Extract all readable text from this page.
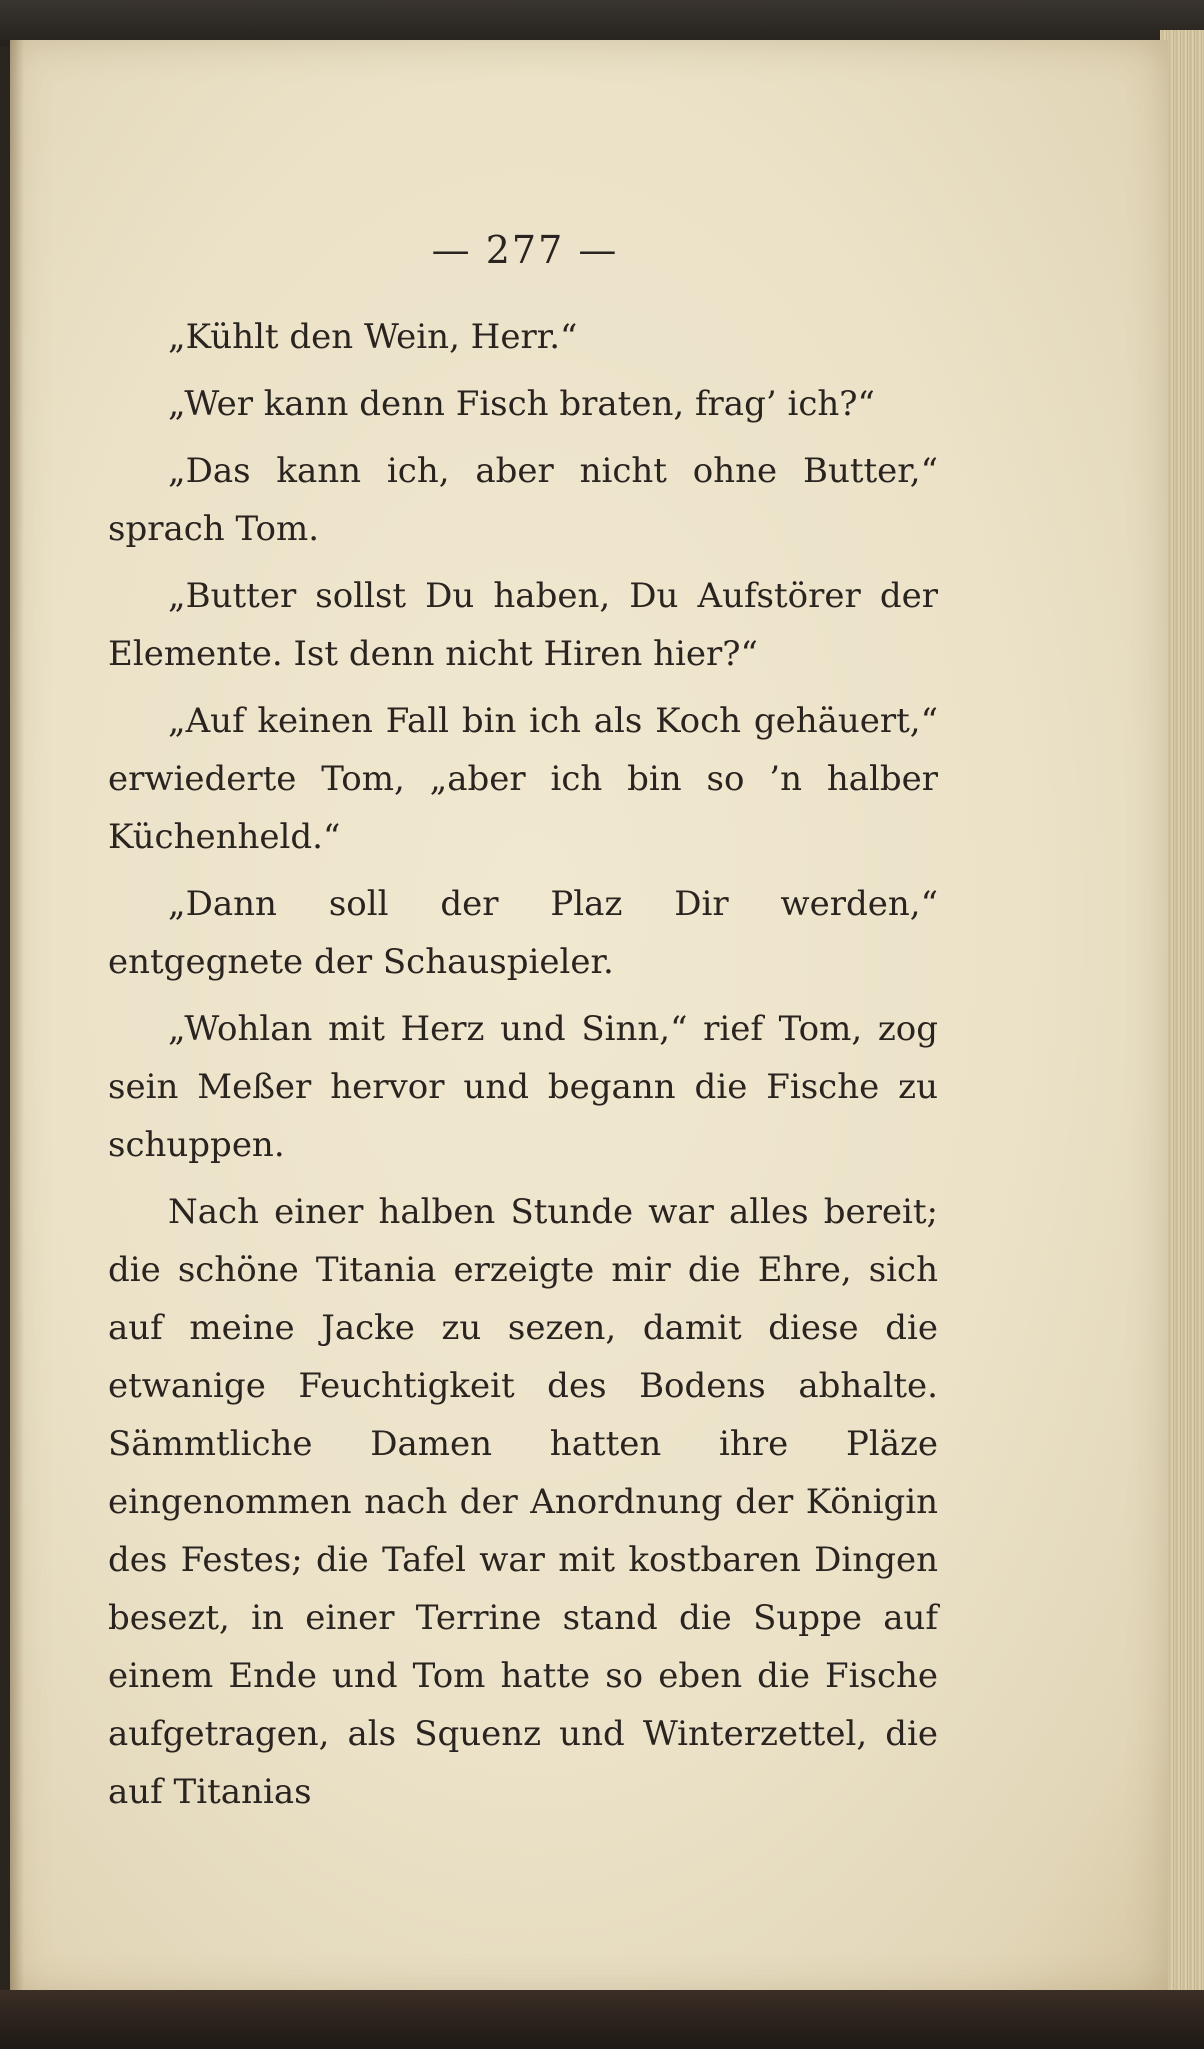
— 277 —

„Kühlt den Wein, Herr.“

„Wer kann denn Fisch braten, frag’ ich?“

„Das kann ich, aber nicht ohne Butter,“ sprach Tom.

„Butter sollst Du haben, Du Aufstörer der Elemente. Ist denn nicht Hiren hier?“

„Auf keinen Fall bin ich als Koch gehäuert,“ erwiederte Tom, „aber ich bin so ’n halber Küchenheld.“

„Dann soll der Plaz Dir werden,“ entgegnete der Schauspieler.

„Wohlan mit Herz und Sinn,“ rief Tom, zog sein Meßer hervor und begann die Fische zu schuppen.

Nach einer halben Stunde war alles bereit; die schöne Titania erzeigte mir die Ehre, sich auf meine Jacke zu sezen, damit diese die etwanige Feuchtigkeit des Bodens abhalte. Sämmtliche Damen hatten ihre Pläze eingenommen nach der Anordnung der Königin des Festes; die Tafel war mit kostbaren Dingen besezt, in einer Terrine stand die Suppe auf einem Ende und Tom hatte so eben die Fische aufgetragen, als Squenz und Winterzettel, die auf Titanias
